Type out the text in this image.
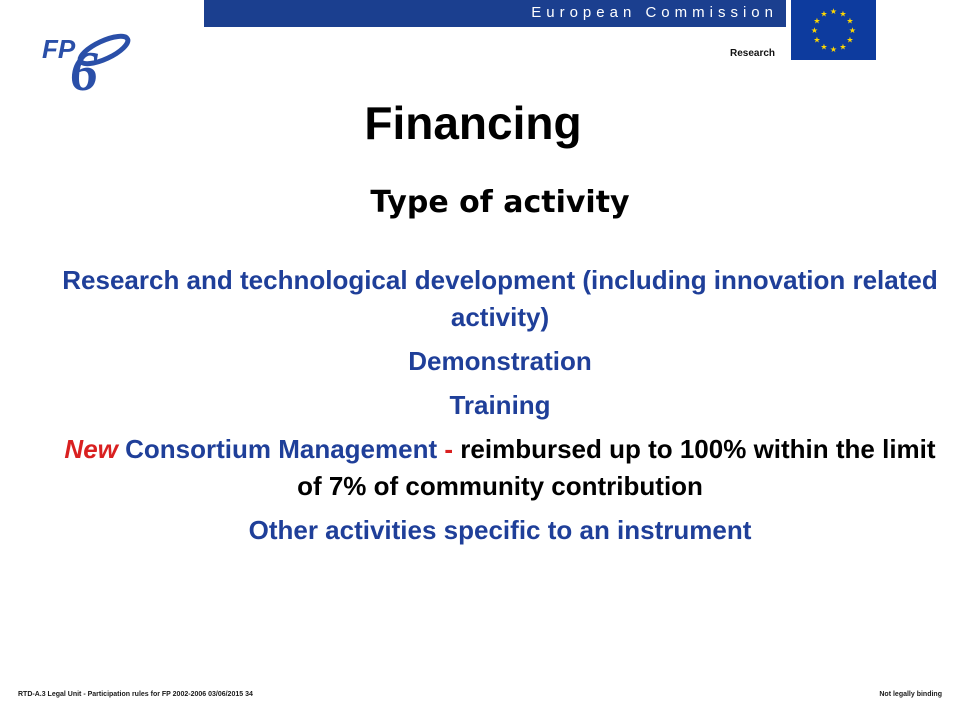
European Commission	★ ★
★
★
★
★
★
★
★
★
★
★
Research
FP
6
Financing
Type of activity
Research and technological development (including innovation related activity)
Demonstration
Training
New Consortium Management - reimbursed up to 100% within the limit of 7% of community contribution
Other activities specific to an instrument
RTD-A.3 Legal Unit - Participation rules for FP 2002-2006 03/06/2015 34	Not legally binding
